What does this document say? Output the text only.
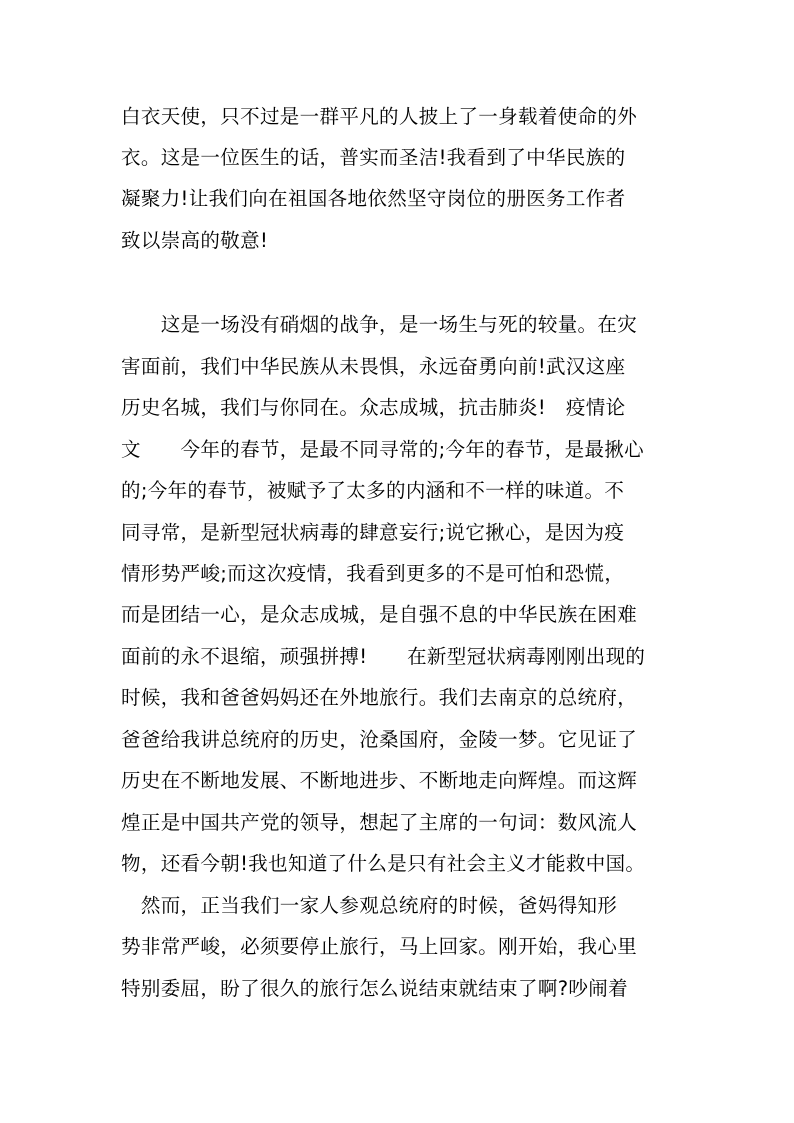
白衣天使，只不过是一群平凡的人披上了一身载着使命的外
衣。这是一位医生的话，普实而圣洁!我看到了中华民族的
凝聚力!让我们向在祖国各地依然坚守岗位的册医务工作者
致以崇高的敬意!
　　这是一场没有硝烟的战争，是一场生与死的较量。在灾
害面前，我们中华民族从未畏惧，永远奋勇向前!武汉这座
历史名城，我们与你同在。众志成城，抗击肺炎!　疫情论
文　　今年的春节，是最不同寻常的;今年的春节，是最揪心
的;今年的春节，被赋予了太多的内涵和不一样的味道。不
同寻常，是新型冠状病毒的肆意妄行;说它揪心，是因为疫
情形势严峻;而这次疫情，我看到更多的不是可怕和恐慌，
而是团结一心，是众志成城，是自强不息的中华民族在困难
面前的永不退缩，顽强拼搏!　　在新型冠状病毒刚刚出现的
时候，我和爸爸妈妈还在外地旅行。我们去南京的总统府，
爸爸给我讲总统府的历史，沧桑国府，金陵一梦。它见证了
历史在不断地发展、不断地进步、不断地走向辉煌。而这辉
煌正是中国共产党的领导，想起了主席的一句词：数风流人
物，还看今朝!我也知道了什么是只有社会主义才能救中国。
　然而，正当我们一家人参观总统府的时候，爸妈得知形
势非常严峻，必须要停止旅行，马上回家。刚开始，我心里
特别委屈，盼了很久的旅行怎么说结束就结束了啊?吵闹着
